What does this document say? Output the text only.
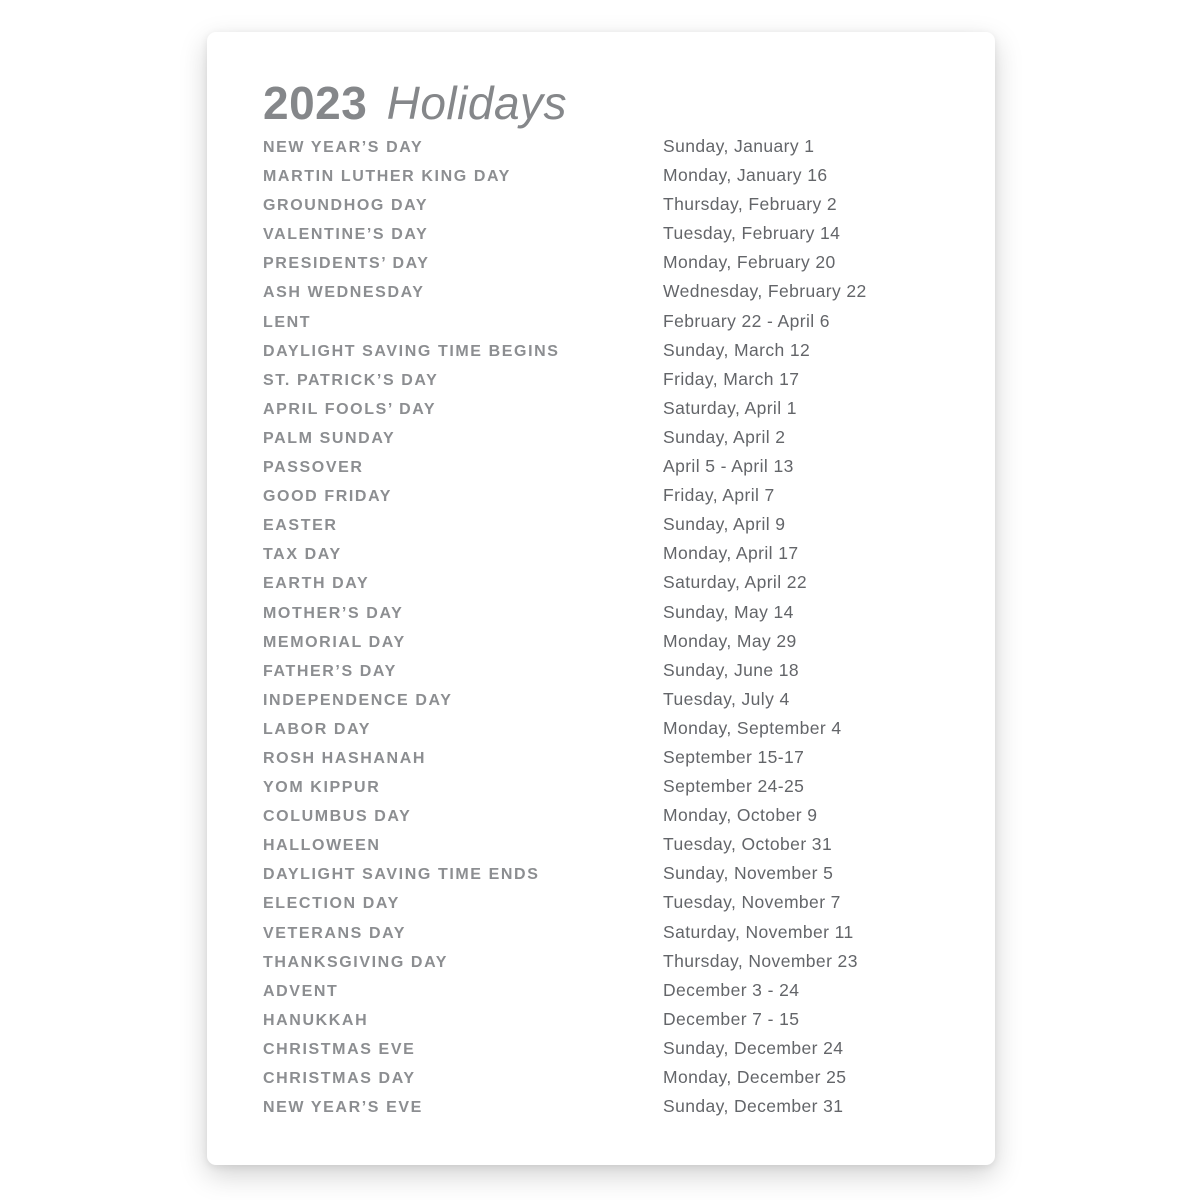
2023 Holidays
NEW YEAR’S DAY	Sunday, January 1
MARTIN LUTHER KING DAY	Monday, January 16
GROUNDHOG DAY	Thursday, February 2
VALENTINE’S DAY	Tuesday, February 14
PRESIDENTS’ DAY	Monday, February 20
ASH WEDNESDAY	Wednesday, February 22
LENT	February 22 - April 6
DAYLIGHT SAVING TIME BEGINS	Sunday, March 12
ST. PATRICK’S DAY	Friday, March 17
APRIL FOOLS’ DAY	Saturday, April 1
PALM SUNDAY	Sunday, April 2
PASSOVER	April 5 - April 13
GOOD FRIDAY	Friday, April 7
EASTER	Sunday, April 9
TAX DAY	Monday, April 17
EARTH DAY	Saturday, April 22
MOTHER’S DAY	Sunday, May 14
MEMORIAL DAY	Monday, May 29
FATHER’S DAY	Sunday, June 18
INDEPENDENCE DAY	Tuesday, July 4
LABOR DAY	Monday, September 4
ROSH HASHANAH	September 15-17
YOM KIPPUR	September 24-25
COLUMBUS DAY	Monday, October 9
HALLOWEEN	Tuesday, October 31
DAYLIGHT SAVING TIME ENDS	Sunday, November 5
ELECTION DAY	Tuesday, November 7
VETERANS DAY	Saturday, November 11
THANKSGIVING DAY	Thursday, November 23
ADVENT	December 3 - 24
HANUKKAH	December 7 - 15
CHRISTMAS EVE	Sunday, December 24
CHRISTMAS DAY	Monday, December 25
NEW YEAR’S EVE	Sunday, December 31
